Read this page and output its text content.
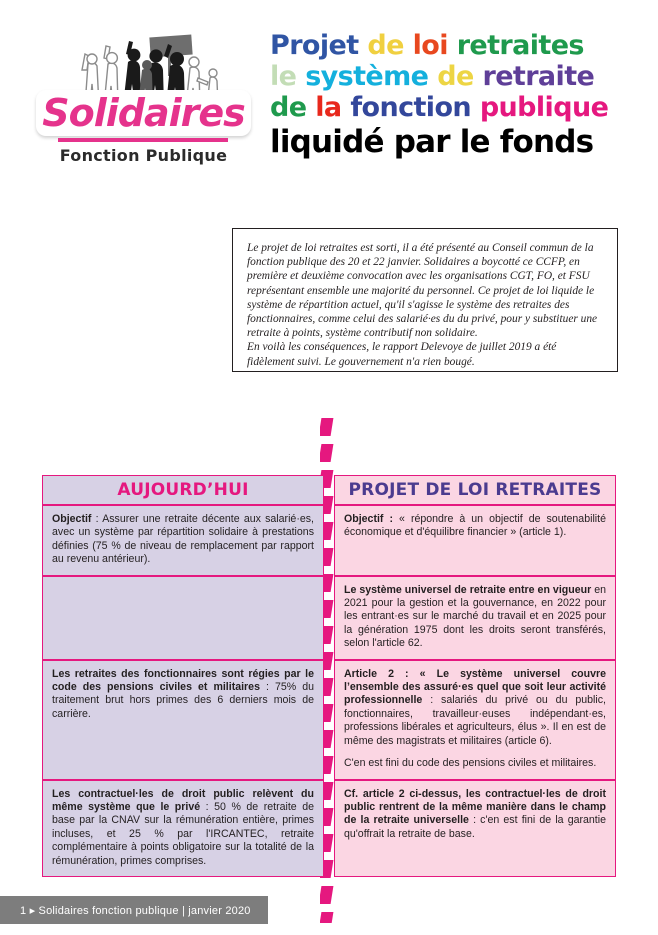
Solidaires
Fonction Publique
Projet de loi retraites
le système de retraite
de la fonction publique
liquidé par le fonds

Le projet de loi retraites est sorti, il a été présenté au Conseil commun de la fonction publique des 20 et 22 janvier. Solidaires a boycotté ce CCFP, en première et deuxième convocation avec les organisations CGT, FO, et FSU représentant ensemble une majorité du personnel. Ce projet de loi liquide le système de répartition actuel, qu'il s'agisse le système des retraites des fonctionnaires, comme celui des salarié·es du du privé, pour y substituer une retraite à points, système contributif non solidaire.

En voilà les conséquences, le rapport Delevoye de juillet 2019 a été fidèlement suivi. Le gouvernement n'a rien bougé.

AUJOURD’HUI	PROJET DE LOI RETRAITES

Objectif : Assurer une retraite décente aux salarié·es, avec un système par répartition solidaire à prestations définies (75 % de niveau de remplacement par rapport au revenu antérieur).

Objectif : « répondre à un objectif de soutenabilité économique et d'équilibre financier » (article 1).

Le système universel de retraite entre en vigueur en 2021 pour la gestion et la gouvernance, en 2022 pour les entrant·es sur le marché du travail et en 2025 pour la génération 1975 dont les droits seront transférés, selon l'article 62.

Les retraites des fonctionnaires sont régies par le code des pensions civiles et militaires : 75% du traitement brut hors primes des 6 derniers mois de carrière.

Article 2 : « Le système universel couvre l’ensemble des assuré·es quel que soit leur activité professionnelle : salariés du privé ou du public, fonctionnaires, travailleur·euses indépendant·es, professions libérales et agriculteurs, élus ». Il en est de même des magistrats et militaires (article 6).

C'en est fini du code des pensions civiles et militaires.

Les contractuel·les de droit public relèvent du même système que le privé : 50 % de retraite de base par la CNAV sur la rémunération entière, primes incluses, et 25 % par l'IRCANTEC, retraite complémentaire à points obligatoire sur la totalité de la rémunération, primes comprises.

Cf. article 2 ci-dessus, les contractuel·les de droit public rentrent de la même manière dans le champ de la retraite universelle : c'en est fini de la garantie qu'offrait la retraite de base.

1 ▸ Solidaires fonction publique | janvier 2020
